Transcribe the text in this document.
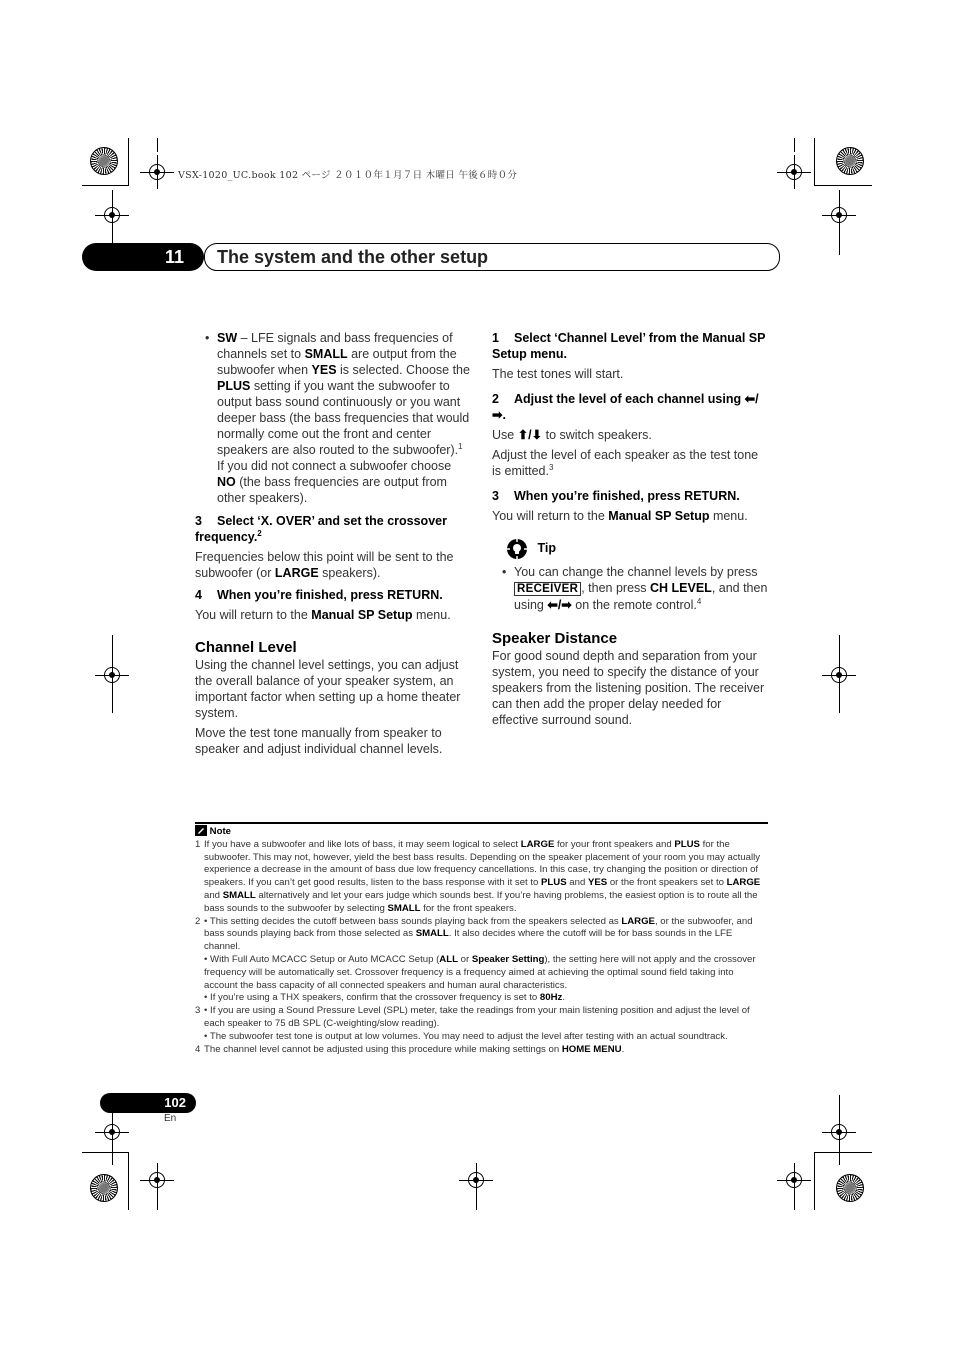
VSX-1020_UC.book 102 ページ ２０１０年１月７日 木曜日 午後６時０分
11	The system and the other setup

• SW – LFE signals and bass frequencies of channels set to SMALL are output from the subwoofer when YES is selected. Choose the PLUS setting if you want the subwoofer to output bass sound continuously or you want deeper bass (the bass frequencies that would normally come out the front and center speakers are also routed to the subwoofer).$^1$ If you did not connect a subwoofer choose NO (the bass frequencies are output from other speakers).

3 Select ‘X. OVER’ and set the crossover frequency.$^2$

Frequencies below this point will be sent to the subwoofer (or LARGE speakers).

4 When you’re finished, press RETURN.

You will return to the Manual SP Setup menu.

Channel Level

Using the channel level settings, you can adjust the overall balance of your speaker system, an important factor when setting up a home theater system.

Move the test tone manually from speaker to speaker and adjust individual channel levels.

1 Select ‘Channel Level’ from the Manual SP Setup menu.

The test tones will start.

2 Adjust the level of each channel using ⬅/➡.

Use ⬆/⬇ to switch speakers.

Adjust the level of each speaker as the test tone is emitted.$^3$

3 When you’re finished, press RETURN.

You will return to the Manual SP Setup menu.

Tip

• You can change the channel levels by press RECEIVER , then press CH LEVEL, and then using ⬅/➡ on the remote control.$^4$

Speaker Distance

For good sound depth and separation from your system, you need to specify the distance of your speakers from the listening position. The receiver can then add the proper delay needed for effective surround sound.

Note
1 If you have a subwoofer and like lots of bass, it may seem logical to select LARGE for your front speakers and PLUS for the subwoofer. This may not, however, yield the best bass results. Depending on the speaker placement of your room you may actually experience a decrease in the amount of bass due low frequency cancellations. In this case, try changing the position or direction of speakers. If you can’t get good results, listen to the bass response with it set to PLUS and YES or the front speakers set to LARGE and SMALL alternatively and let your ears judge which sounds best. If you’re having problems, the easiest option is to route all the bass sounds to the subwoofer by selecting SMALL for the front speakers.
2 • This setting decides the cutoff between bass sounds playing back from the speakers selected as LARGE, or the subwoofer, and bass sounds playing back from those selected as SMALL. It also decides where the cutoff will be for bass sounds in the LFE channel.
• With Full Auto MCACC Setup or Auto MCACC Setup (ALL or Speaker Setting), the setting here will not apply and the crossover frequency will be automatically set. Crossover frequency is a frequency aimed at achieving the optimal sound field taking into account the bass capacity of all connected speakers and human aural characteristics.
• If you’re using a THX speakers, confirm that the crossover frequency is set to 80Hz.
3 • If you are using a Sound Pressure Level (SPL) meter, take the readings from your main listening position and adjust the level of each speaker to 75 dB SPL (C-weighting/slow reading).
• The subwoofer test tone is output at low volumes. You may need to adjust the level after testing with an actual soundtrack.
4 The channel level cannot be adjusted using this procedure while making settings on HOME MENU.
102
En
